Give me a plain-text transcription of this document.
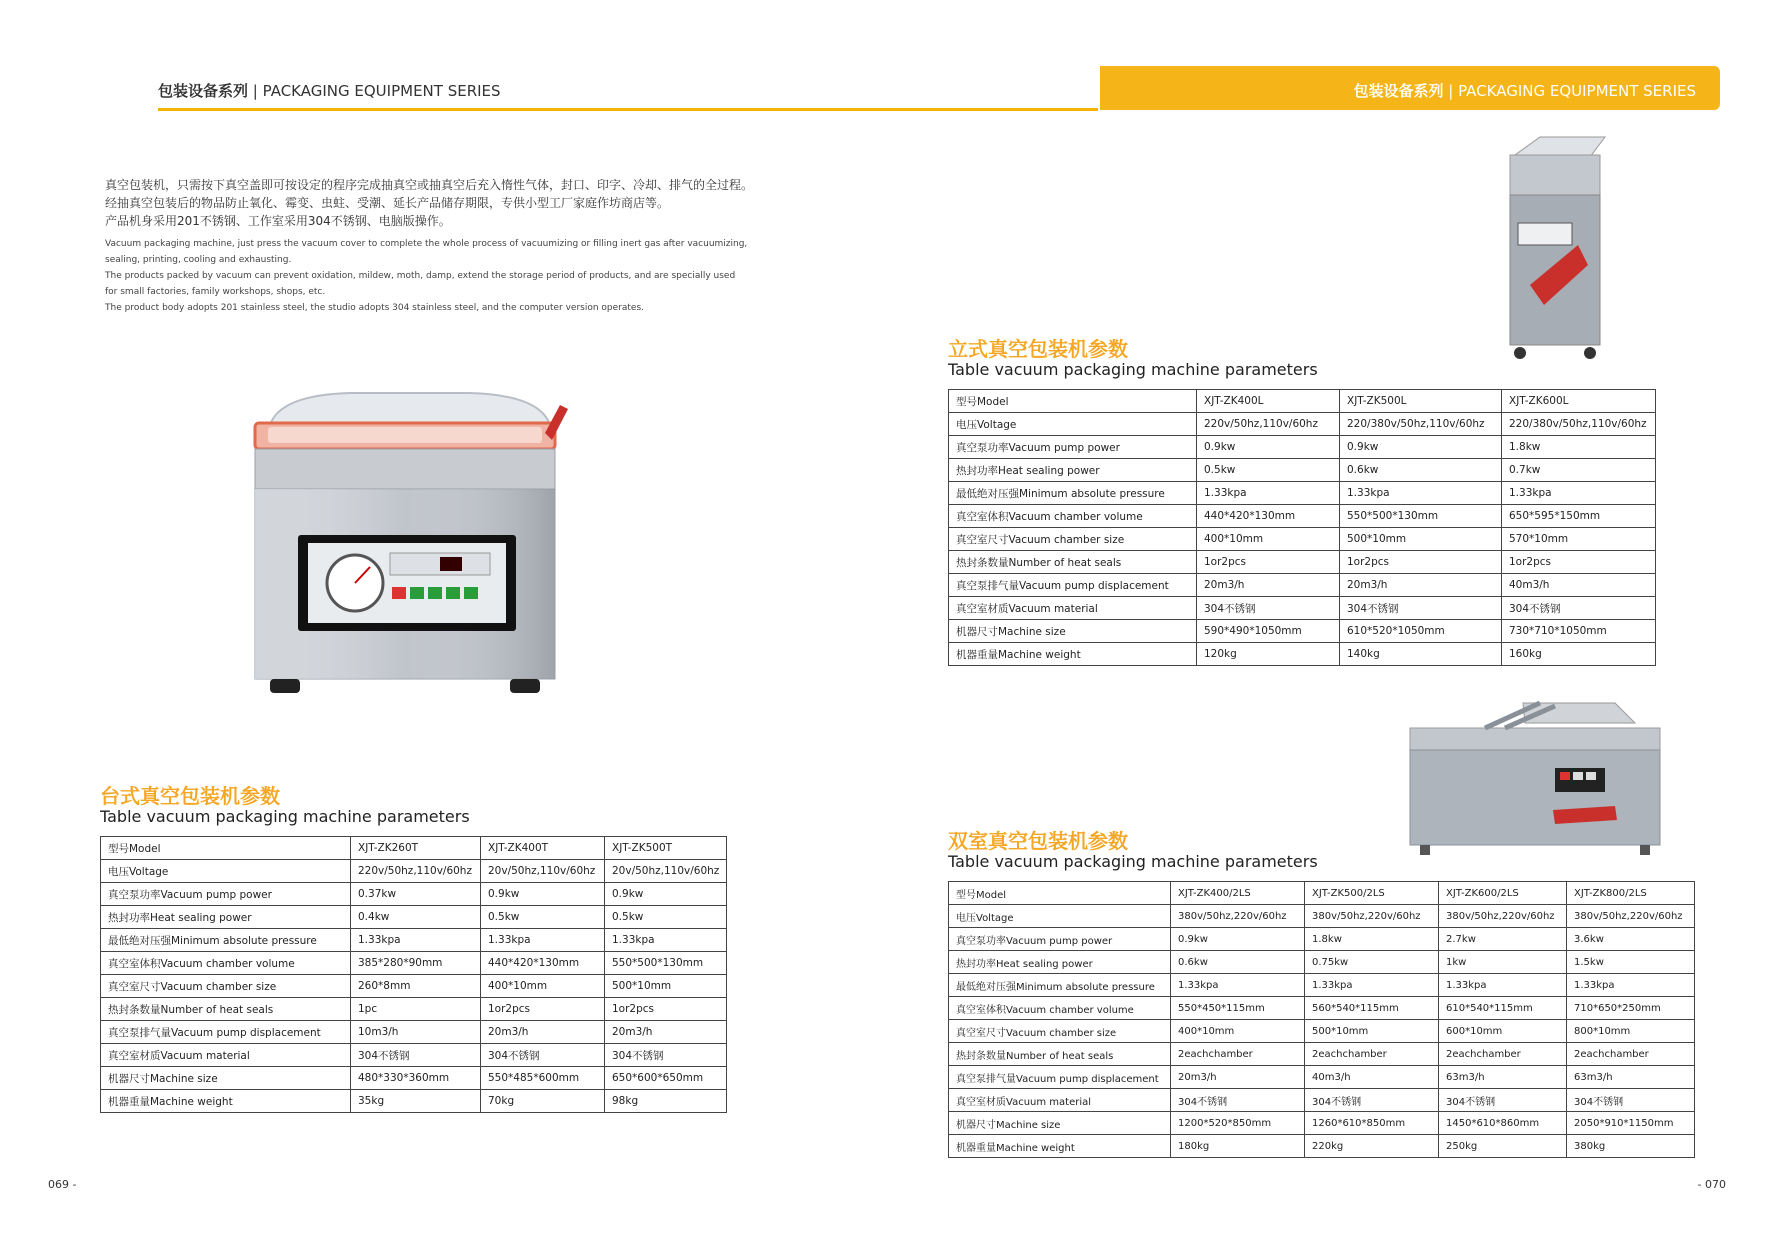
包装设备系列 | PACKAGING EQUIPMENT SERIES	包装设备系列 | PACKAGING EQUIPMENT SERIES
真空包装机，只需按下真空盖即可按设定的程序完成抽真空或抽真空后充入惰性气体，封口、印字、冷却、排气的全过程。
经抽真空包装后的物品防止氧化、霉变、虫蛀、受潮、延长产品储存期限，专供小型工厂家庭作坊商店等。
产品机身采用201不锈钢、工作室采用304不锈钢、电脑版操作。
Vacuum packaging machine, just press the vacuum cover to complete the whole process of vacuumizing or filling inert gas after vacuumizing,
sealing, printing, cooling and exhausting.
The products packed by vacuum can prevent oxidation, mildew, moth, damp, extend the storage period of products, and are specially used
for small factories, family workshops, shops, etc.
The product body adopts 201 stainless steel, the studio adopts 304 stainless steel, and the computer version operates.
台式真空包装机参数
Table vacuum packaging machine parameters
型号Model	XJT-ZK260T	XJT-ZK400T	XJT-ZK500T
电压Voltage	220v/50hz,110v/60hz	20v/50hz,110v/60hz	20v/50hz,110v/60hz
真空泵功率Vacuum pump power	0.37kw	0.9kw	0.9kw
热封功率Heat sealing power	0.4kw	0.5kw	0.5kw
最低绝对压强Minimum absolute pressure	1.33kpa	1.33kpa	1.33kpa
真空室体积Vacuum chamber volume	385*280*90mm	440*420*130mm	550*500*130mm
真空室尺寸Vacuum chamber size	260*8mm	400*10mm	500*10mm
热封条数量Number of heat seals	1pc	1or2pcs	1or2pcs
真空泵排气量Vacuum pump displacement	10m3/h	20m3/h	20m3/h
真空室材质Vacuum material	304不锈钢	304不锈钢	304不锈钢
机器尺寸Machine size	480*330*360mm	550*485*600mm	650*600*650mm
机器重量Machine weight	35kg	70kg	98kg
立式真空包装机参数
Table vacuum packaging machine parameters
型号Model	XJT-ZK400L	XJT-ZK500L	XJT-ZK600L
电压Voltage	220v/50hz,110v/60hz	220/380v/50hz,110v/60hz	220/380v/50hz,110v/60hz
真空泵功率Vacuum pump power	0.9kw	0.9kw	1.8kw
热封功率Heat sealing power	0.5kw	0.6kw	0.7kw
最低绝对压强Minimum absolute pressure	1.33kpa	1.33kpa	1.33kpa
真空室体积Vacuum chamber volume	440*420*130mm	550*500*130mm	650*595*150mm
真空室尺寸Vacuum chamber size	400*10mm	500*10mm	570*10mm
热封条数量Number of heat seals	1or2pcs	1or2pcs	1or2pcs
真空泵排气量Vacuum pump displacement	20m3/h	20m3/h	40m3/h
真空室材质Vacuum material	304不锈钢	304不锈钢	304不锈钢
机器尺寸Machine size	590*490*1050mm	610*520*1050mm	730*710*1050mm
机器重量Machine weight	120kg	140kg	160kg
双室真空包装机参数
Table vacuum packaging machine parameters
型号Model	XJT-ZK400/2LS	XJT-ZK500/2LS	XJT-ZK600/2LS	XJT-ZK800/2LS
电压Voltage	380v/50hz,220v/60hz	380v/50hz,220v/60hz	380v/50hz,220v/60hz	380v/50hz,220v/60hz
真空泵功率Vacuum pump power	0.9kw	1.8kw	2.7kw	3.6kw
热封功率Heat sealing power	0.6kw	0.75kw	1kw	1.5kw
最低绝对压强Minimum absolute pressure	1.33kpa	1.33kpa	1.33kpa	1.33kpa
真空室体积Vacuum chamber volume	550*450*115mm	560*540*115mm	610*540*115mm	710*650*250mm
真空室尺寸Vacuum chamber size	400*10mm	500*10mm	600*10mm	800*10mm
热封条数量Number of heat seals	2eachchamber	2eachchamber	2eachchamber	2eachchamber
真空泵排气量Vacuum pump displacement	20m3/h	40m3/h	63m3/h	63m3/h
真空室材质Vacuum material	304不锈钢	304不锈钢	304不锈钢	304不锈钢
机器尺寸Machine size	1200*520*850mm	1260*610*850mm	1450*610*860mm	2050*910*1150mm
机器重量Machine weight	180kg	220kg	250kg	380kg
069 -	- 070
